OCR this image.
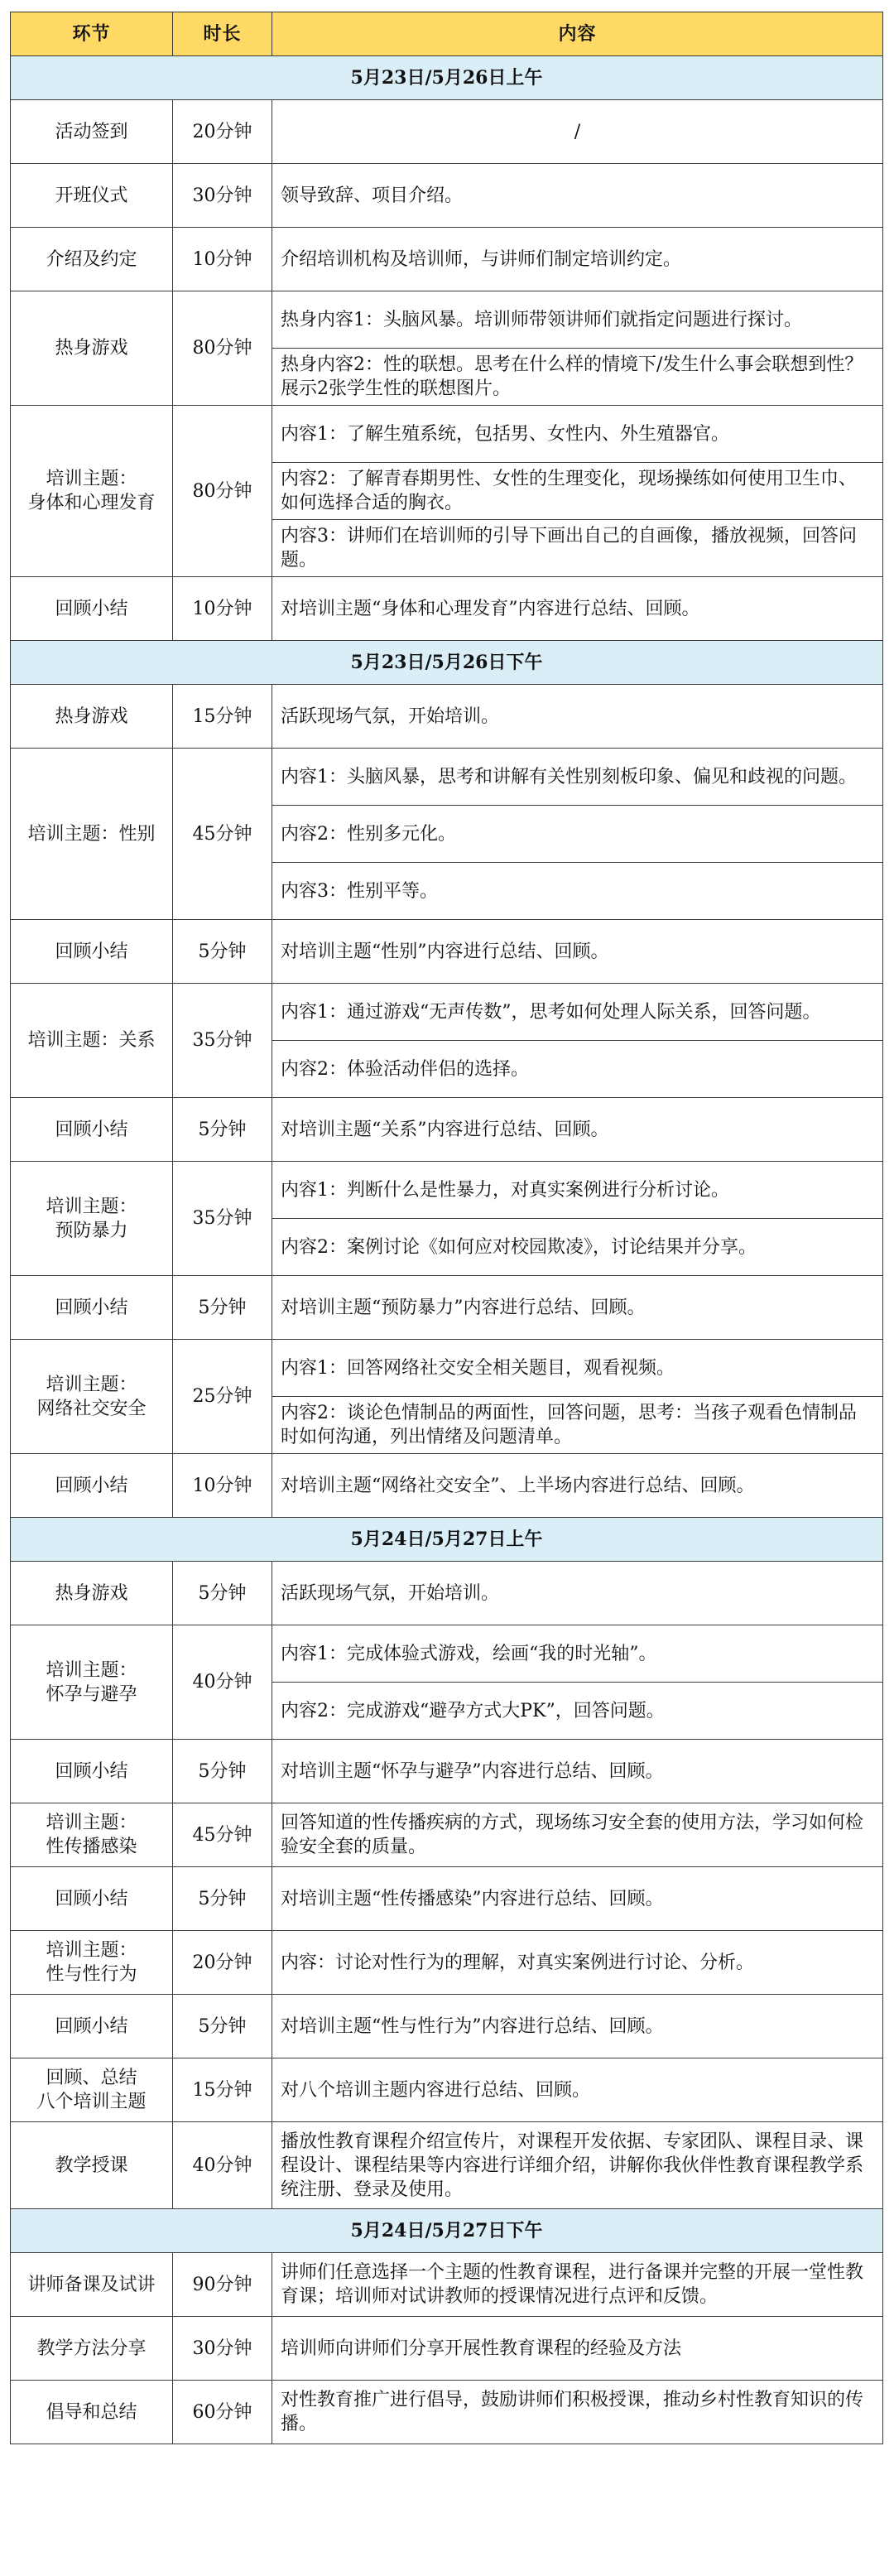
环节	时长	内容
5月23日/5月26日上午		
活动签到	20分钟	/
开班仪式	30分钟	领导致辞、项目介绍。
介绍及约定	10分钟	介绍培训机构及培训师，与讲师们制定培训约定。
热身游戏	80分钟	热身内容1：头脑风暴。培训师带领讲师们就指定问题进行探讨。
		热身内容2：性的联想。思考在什么样的情境下/发生什么事会联想到性？展示2张学生性的联想图片。
培训主题：
身体和心理发育	80分钟	内容1：了解生殖系统，包括男、女性内、外生殖器官。
		内容2：了解青春期男性、女性的生理变化，现场操练如何使用卫生巾、如何选择合适的胸衣。
		内容3：讲师们在培训师的引导下画出自己的自画像，播放视频，回答问题。
回顾小结	10分钟	对培训主题“身体和心理发育”内容进行总结、回顾。
5月23日/5月26日下午		
热身游戏	15分钟	活跃现场气氛，开始培训。
培训主题：性别	45分钟	内容1：头脑风暴，思考和讲解有关性别刻板印象、偏见和歧视的问题。
		内容2：性别多元化。
		内容3：性别平等。
回顾小结	5分钟	对培训主题“性别”内容进行总结、回顾。
培训主题：关系	35分钟	内容1：通过游戏“无声传数”，思考如何处理人际关系，回答问题。
		内容2：体验活动伴侣的选择。
回顾小结	5分钟	对培训主题“关系”内容进行总结、回顾。
培训主题：
预防暴力	35分钟	内容1：判断什么是性暴力，对真实案例进行分析讨论。
		内容2：案例讨论《如何应对校园欺凌》，讨论结果并分享。
回顾小结	5分钟	对培训主题“预防暴力”内容进行总结、回顾。
培训主题：
网络社交安全	25分钟	内容1：回答网络社交安全相关题目，观看视频。
		内容2：谈论色情制品的两面性，回答问题，思考：当孩子观看色情制品时如何沟通，列出情绪及问题清单。
回顾小结	10分钟	对培训主题“网络社交安全”、上半场内容进行总结、回顾。
5月24日/5月27日上午		
热身游戏	5分钟	活跃现场气氛，开始培训。
培训主题：
怀孕与避孕	40分钟	内容1：完成体验式游戏，绘画“我的时光轴”。
		内容2：完成游戏“避孕方式大PK”，回答问题。
回顾小结	5分钟	对培训主题“怀孕与避孕”内容进行总结、回顾。
培训主题：
性传播感染	45分钟	回答知道的性传播疾病的方式，现场练习安全套的使用方法，学习如何检验安全套的质量。
回顾小结	5分钟	对培训主题“性传播感染”内容进行总结、回顾。
培训主题：
性与性行为	20分钟	内容：讨论对性行为的理解，对真实案例进行讨论、分析。
回顾小结	5分钟	对培训主题“性与性行为”内容进行总结、回顾。
回顾、总结
八个培训主题	15分钟	对八个培训主题内容进行总结、回顾。
教学授课	40分钟	播放性教育课程介绍宣传片，对课程开发依据、专家团队、课程目录、课程设计、课程结果等内容进行详细介绍，讲解你我伙伴性教育课程教学系统注册、登录及使用。
5月24日/5月27日下午		
讲师备课及试讲	90分钟	讲师们任意选择一个主题的性教育课程，进行备课并完整的开展一堂性教育课；培训师对试讲教师的授课情况进行点评和反馈。
教学方法分享	30分钟	培训师向讲师们分享开展性教育课程的经验及方法
倡导和总结	60分钟	对性教育推广进行倡导，鼓励讲师们积极授课，推动乡村性教育知识的传播。
